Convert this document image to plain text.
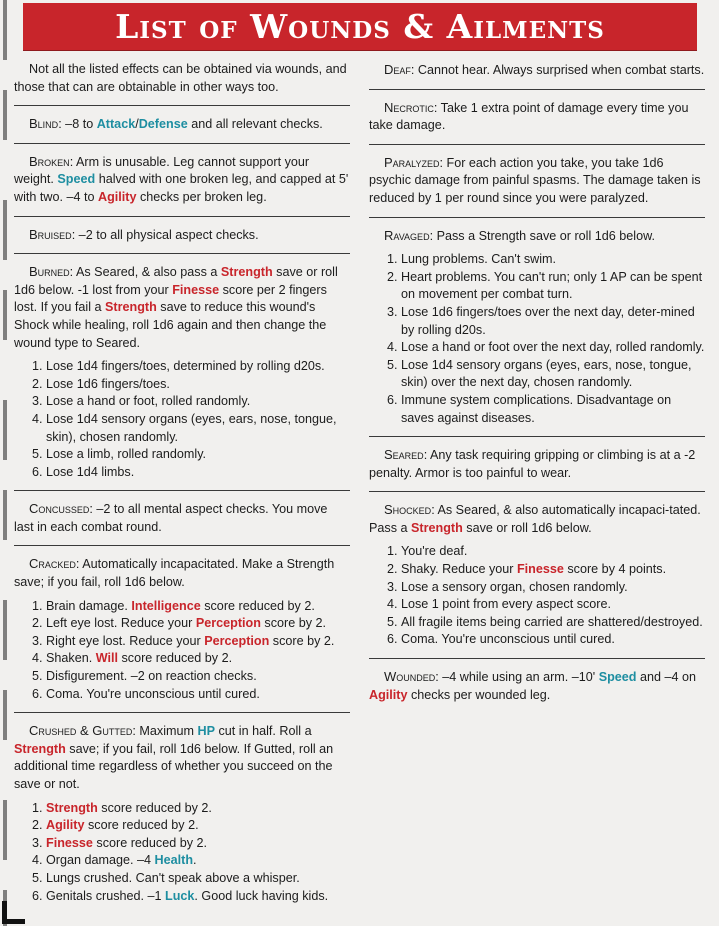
List of Wounds & Ailments

Not all the listed effects can be obtained via wounds, and those that can are obtainable in other ways too.

Blind: –8 to Attack/Defense and all relevant checks.

Broken: Arm is unusable. Leg cannot support your weight. Speed halved with one broken leg, and capped at 5' with two. –4 to Agility checks per broken leg.

Bruised: –2 to all physical aspect checks.

Burned: As Seared, & also pass a Strength save or roll 1d6 below. -1 lost from your Finesse score per 2 fingers lost. If you fail a Strength save to reduce this wound's Shock while healing, roll 1d6 again and then change the wound type to Seared.

1. Lose 1d4 fingers/toes, determined by rolling d20s.
2. Lose 1d6 fingers/toes.
3. Lose a hand or foot, rolled randomly.
4. Lose 1d4 sensory organs (eyes, ears, nose, tongue, skin), chosen randomly.
5. Lose a limb, rolled randomly.
6. Lose 1d4 limbs.

Concussed: –2 to all mental aspect checks. You move last in each combat round.

Cracked: Automatically incapacitated. Make a Strength save; if you fail, roll 1d6 below.

1. Brain damage. Intelligence score reduced by 2.
2. Left eye lost. Reduce your Perception score by 2.
3. Right eye lost. Reduce your Perception score by 2.
4. Shaken. Will score reduced by 2.
5. Disfigurement. –2 on reaction checks.
6. Coma. You're unconscious until cured.

Crushed & Gutted: Maximum HP cut in half. Roll a Strength save; if you fail, roll 1d6 below. If Gutted, roll an additional time regardless of whether you succeed on the save or not.

1. Strength score reduced by 2.
2. Agility score reduced by 2.
3. Finesse score reduced by 2.
4. Organ damage. –4 Health.
5. Lungs crushed. Can't speak above a whisper.
6. Genitals crushed. –1 Luck. Good luck having kids.

Deaf: Cannot hear. Always surprised when combat starts.

Necrotic: Take 1 extra point of damage every time you take damage.

Paralyzed: For each action you take, you take 1d6 psychic damage from painful spasms. The damage taken is reduced by 1 per round since you were paralyzed.

Ravaged: Pass a Strength save or roll 1d6 below.

1. Lung problems. Can't swim.
2. Heart problems. You can't run; only 1 AP can be spent on movement per combat turn.
3. Lose 1d6 fingers/toes over the next day, deter-mined by rolling d20s.
4. Lose a hand or foot over the next day, rolled randomly.
5. Lose 1d4 sensory organs (eyes, ears, nose, tongue, skin) over the next day, chosen randomly.
6. Immune system complications. Disadvantage on saves against diseases.

Seared: Any task requiring gripping or climbing is at a -2 penalty. Armor is too painful to wear.

Shocked: As Seared, & also automatically incapaci-tated. Pass a Strength save or roll 1d6 below.

1. You're deaf.
2. Shaky. Reduce your Finesse score by 4 points.
3. Lose a sensory organ, chosen randomly.
4. Lose 1 point from every aspect score.
5. All fragile items being carried are shattered/destroyed.
6. Coma. You're unconscious until cured.

Wounded: –4 while using an arm. –10' Speed and –4 on Agility checks per wounded leg.
